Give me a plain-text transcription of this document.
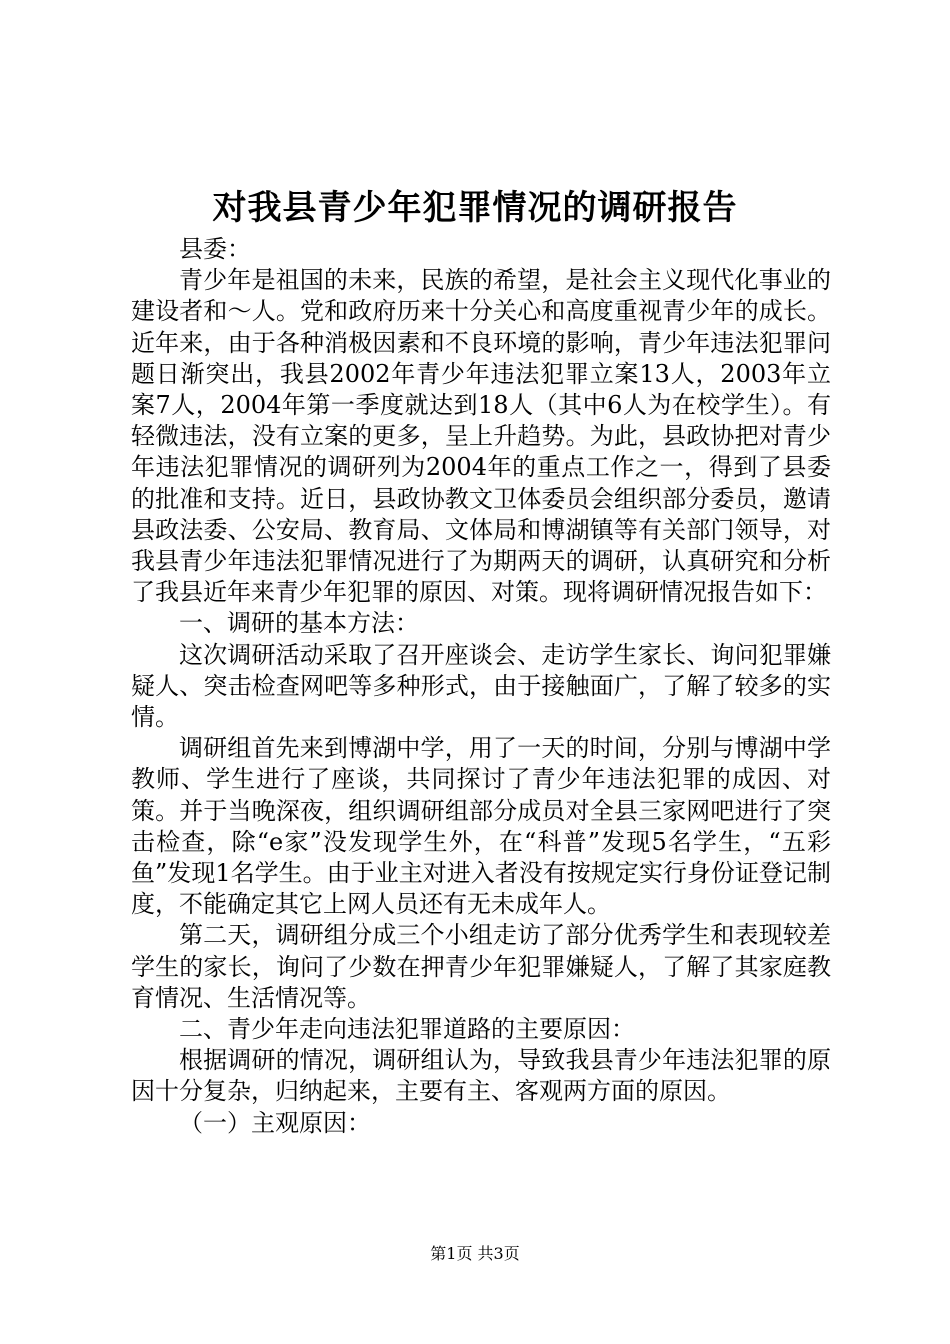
对我县青少年犯罪情况的调研报告

县委：

青少年是祖国的未来，民族的希望，是社会主义现代化事业的建设者和～人。党和政府历来十分关心和高度重视青少年的成长。近年来，由于各种消极因素和不良环境的影响，青少年违法犯罪问题日渐突出，我县2002年青少年违法犯罪立案13人，2003年立案7人，2004年第一季度就达到18人（其中6人为在校学生）。有轻微违法，没有立案的更多，呈上升趋势。为此，县政协把对青少年违法犯罪情况的调研列为2004年的重点工作之一，得到了县委的批准和支持。近日，县政协教文卫体委员会组织部分委员，邀请县政法委、公安局、教育局、文体局和博湖镇等有关部门领导，对我县青少年违法犯罪情况进行了为期两天的调研，认真研究和分析了我县近年来青少年犯罪的原因、对策。现将调研情况报告如下：

一、调研的基本方法：

这次调研活动采取了召开座谈会、走访学生家长、询问犯罪嫌疑人、突击检查网吧等多种形式，由于接触面广，了解了较多的实情。

调研组首先来到博湖中学，用了一天的时间，分别与博湖中学教师、学生进行了座谈，共同探讨了青少年违法犯罪的成因、对策。并于当晚深夜，组织调研组部分成员对全县三家网吧进行了突击检查，除“e家”没发现学生外，在“科普”发现5名学生，“五彩鱼”发现1名学生。由于业主对进入者没有按规定实行身份证登记制度，不能确定其它上网人员还有无未成年人。

第二天，调研组分成三个小组走访了部分优秀学生和表现较差学生的家长，询问了少数在押青少年犯罪嫌疑人，了解了其家庭教育情况、生活情况等。

二、青少年走向违法犯罪道路的主要原因：

根据调研的情况，调研组认为，导致我县青少年违法犯罪的原因十分复杂，归纳起来，主要有主、客观两方面的原因。

（一）主观原因：

第1页 共3页
